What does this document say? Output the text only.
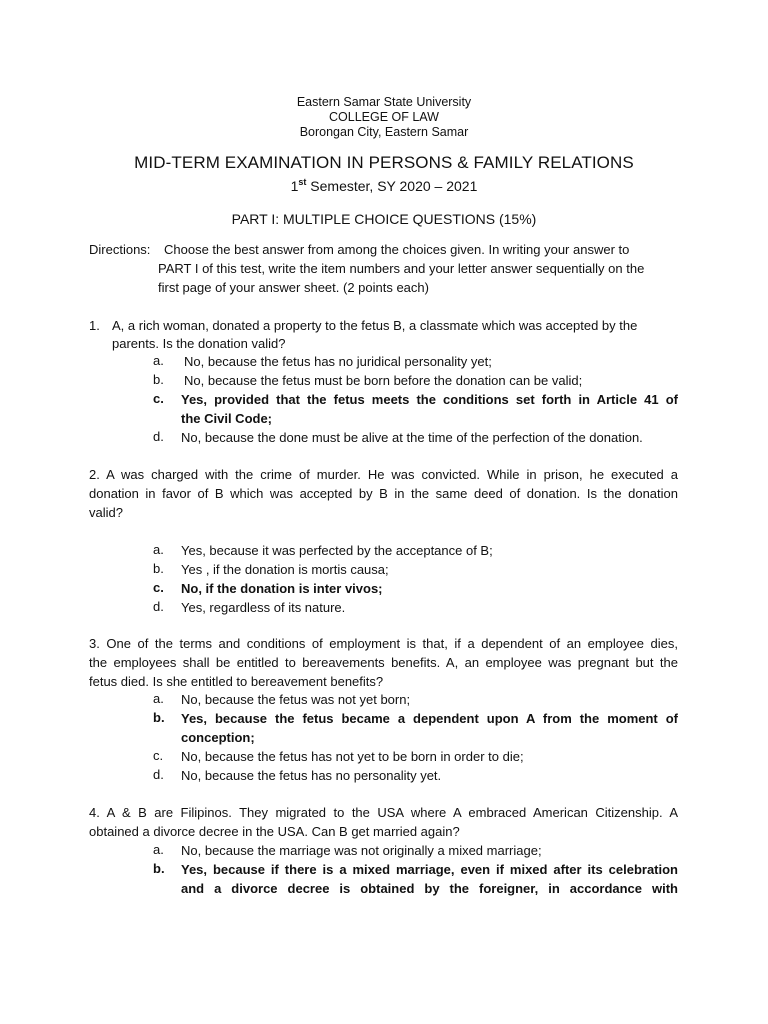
Eastern Samar State University
COLLEGE OF LAW
Borongan City, Eastern Samar
MID-TERM EXAMINATION IN PERSONS & FAMILY RELATIONS
1st Semester, SY 2020 – 2021
PART I: MULTIPLE CHOICE QUESTIONS (15%)
Directions: Choose the best answer from among the choices given. In writing your answer to
PART I of this test, write the item numbers and your letter answer sequentially on the
first page of your answer sheet. (2 points each)
1. A, a rich woman, donated a property to the fetus B, a classmate which was accepted by the
parents. Is the donation valid?
a. No, because the fetus has no juridical personality yet;
b. No, because the fetus must be born before the donation can be valid;
c. Yes, provided that the fetus meets the conditions set forth in Article 41 of
the Civil Code;
d. No, because the done must be alive at the time of the perfection of the donation.
2. A was charged with the crime of murder. He was convicted. While in prison, he executed a
donation in favor of B which was accepted by B in the same deed of donation. Is the donation
valid?
a. Yes, because it was perfected by the acceptance of B;
b. Yes , if the donation is mortis causa;
c. No, if the donation is inter vivos;
d. Yes, regardless of its nature.
3. One of the terms and conditions of employment is that, if a dependent of an employee dies,
the employees shall be entitled to bereavements benefits. A, an employee was pregnant but the
fetus died. Is she entitled to bereavement benefits?
a. No, because the fetus was not yet born;
b. Yes, because the fetus became a dependent upon A from the moment of
conception;
c. No, because the fetus has not yet to be born in order to die;
d. No, because the fetus has no personality yet.
4. A & B are Filipinos. They migrated to the USA where A embraced American Citizenship. A
obtained a divorce decree in the USA. Can B get married again?
a. No, because the marriage was not originally a mixed marriage;
b. Yes, because if there is a mixed marriage, even if mixed after its celebration
and a divorce decree is obtained by the foreigner, in accordance with
